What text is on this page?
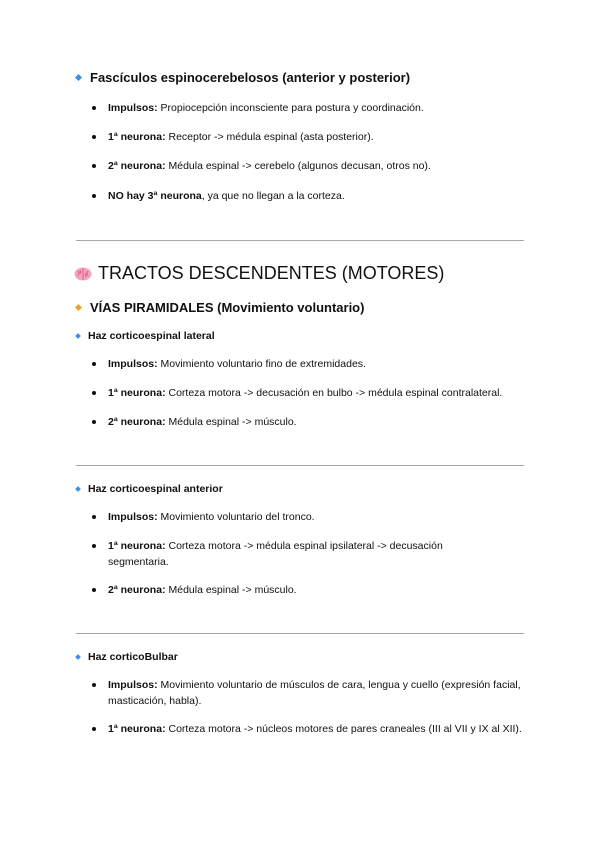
Fascículos espinocerebelosos (anterior y posterior)
Impulsos: Propiocepción inconsciente para postura y coordinación.
1ª neurona: Receptor -> médula espinal (asta posterior).
2ª neurona: Médula espinal -> cerebelo (algunos decusan, otros no).
NO hay 3ª neurona, ya que no llegan a la corteza.
TRACTOS DESCENDENTES (MOTORES)
VÍAS PIRAMIDALES (Movimiento voluntario)
Haz corticoespinal lateral
Impulsos: Movimiento voluntario fino de extremidades.
1ª neurona: Corteza motora -> decusación en bulbo -> médula espinal contralateral.
2ª neurona: Médula espinal -> músculo.
Haz corticoespinal anterior
Impulsos: Movimiento voluntario del tronco.
1ª neurona: Corteza motora -> médula espinal ipsilateral -> decusación segmentaria.
2ª neurona: Médula espinal -> músculo.
Haz corticoBulbar
Impulsos: Movimiento voluntario de músculos de cara, lengua y cuello (expresión facial, masticación, habla).
1ª neurona: Corteza motora -> núcleos motores de pares craneales (III al VII y IX al XII).
